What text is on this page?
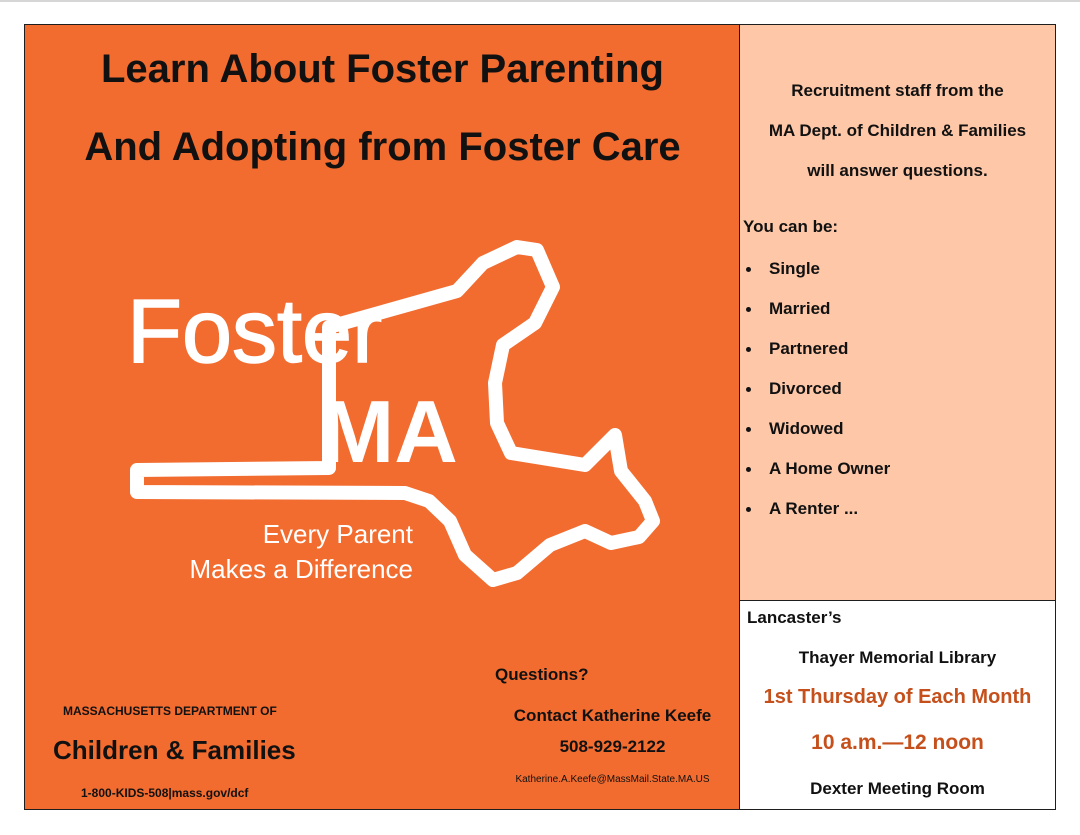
Learn About Foster Parenting
And Adopting from Foster Care
Foster
MA
Every Parent
Makes a Difference
MASSACHUSETTS DEPARTMENT OF
Children & Families
1-800-KIDS-508|mass.gov/dcf
Questions?
Contact Katherine Keefe
508-929-2122
Katherine.A.Keefe@MassMail.State.MA.US
Recruitment staff from the
MA Dept. of Children & Families
will answer questions.
You can be:
Single
Married
Partnered
Divorced
Widowed
A Home Owner
A Renter ...
Lancaster’s
Thayer Memorial Library
1st Thursday of Each Month
10 a.m.—12 noon
Dexter Meeting Room
